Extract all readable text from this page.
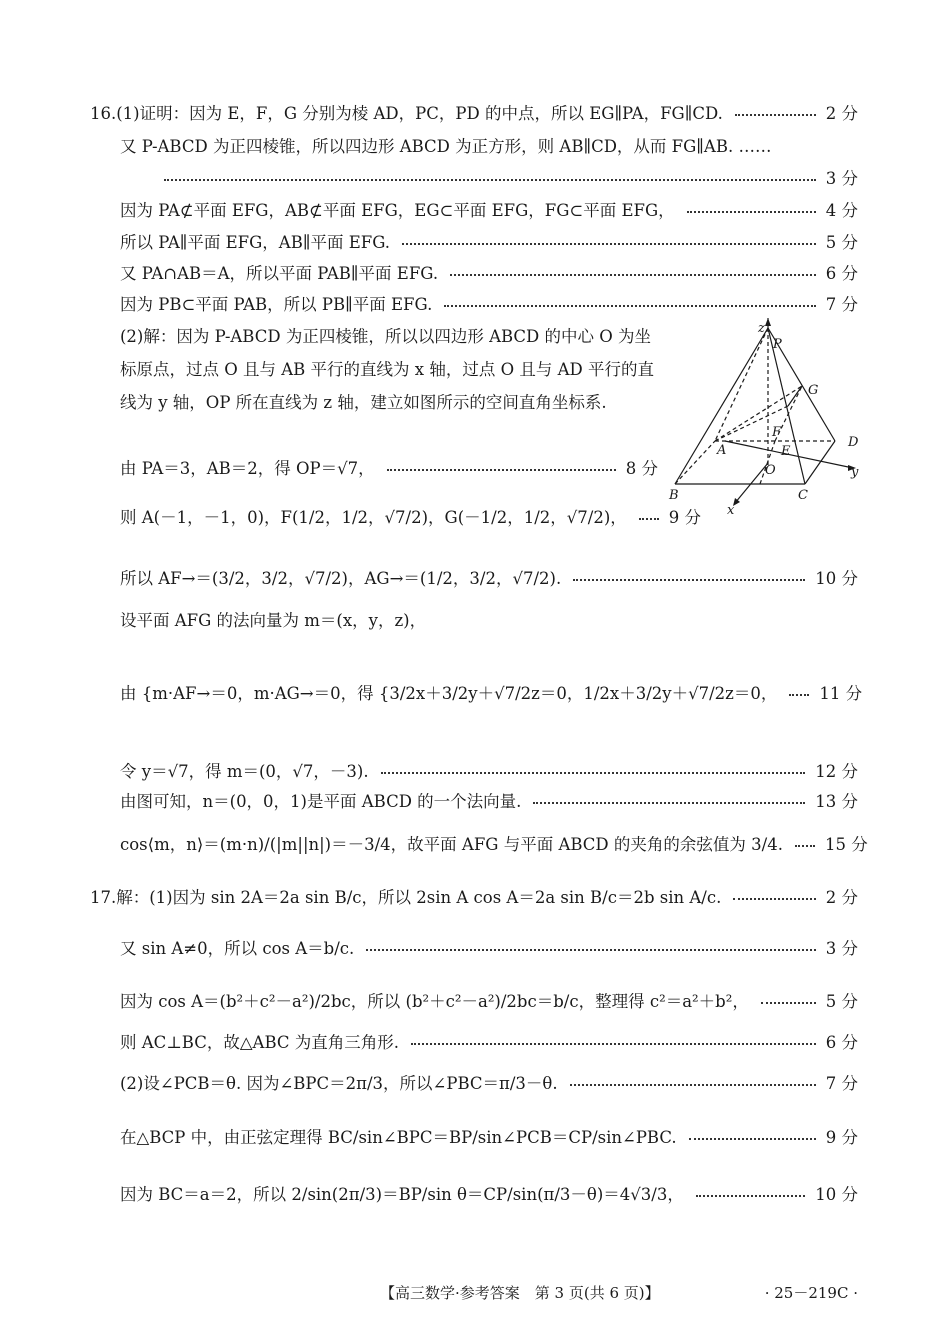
16.(1)证明：因为 E，F，G 分别为棱 AD，PC，PD 的中点，所以 EG∥PA，FG∥CD.	2 分
又 P-ABCD 为正四棱锥，所以四边形 ABCD 为正方形，则 AB∥CD，从而 FG∥AB. ……
3 分
因为 PA⊄平面 EFG，AB⊄平面 EFG，EG⊂平面 EFG，FG⊂平面 EFG，	4 分
所以 PA∥平面 EFG，AB∥平面 EFG.	5 分
又 PA∩AB＝A，所以平面 PAB∥平面 EFG.	6 分
因为 PB⊂平面 PAB，所以 PB∥平面 EFG.	7 分
(2)解：因为 P-ABCD 为正四棱锥，所以以四边形 ABCD 的中心 O 为坐标原点，过点 O 且与 AB 平行的直线为 x 轴，过点 O 且与 AD 平行的直线为 y 轴，OP 所在直线为 z 轴，建立如图所示的空间直角坐标系.
z
P
G
F
E
A
D
O	y
B	C
x
由 PA＝3，AB＝2，得 OP＝√7，	8 分
则 A(－1，－1，0)，F(1/2，1/2，√7/2)，G(－1/2，1/2，√7/2)，	9 分
所以 AF→＝(3/2，3/2，√7/2)，AG→＝(1/2，3/2，√7/2).	10 分
设平面 AFG 的法向量为 m＝(x，y，z)，
由 {m·AF→＝0，m·AG→＝0，得 {3/2x＋3/2y＋√7/2z＝0，1/2x＋3/2y＋√7/2z＝0，	11 分
令 y＝√7，得 m＝(0，√7，－3).	12 分
由图可知，n＝(0，0，1)是平面 ABCD 的一个法向量.	13 分
cos⟨m，n⟩＝(m·n)/(|m||n|)＝－3/4，故平面 AFG 与平面 ABCD 的夹角的余弦值为 3/4.	15 分
17.解：(1)因为 sin 2A＝2a sin B/c，所以 2sin A cos A＝2a sin B/c＝2b sin A/c.	2 分
又 sin A≠0，所以 cos A＝b/c.	3 分
因为 cos A＝(b²＋c²－a²)/2bc，所以 (b²＋c²－a²)/2bc＝b/c，整理得 c²＝a²＋b²，	5 分
则 AC⊥BC，故△ABC 为直角三角形.	6 分
(2)设∠PCB＝θ. 因为∠BPC＝2π/3，所以∠PBC＝π/3－θ.	7 分
在△BCP 中，由正弦定理得 BC/sin∠BPC＝BP/sin∠PCB＝CP/sin∠PBC.	9 分
因为 BC＝a＝2，所以 2/sin(2π/3)＝BP/sin θ＝CP/sin(π/3－θ)＝4√3/3，	10 分
【高三数学·参考答案　第 3 页(共 6 页)】	· 25－219C ·
